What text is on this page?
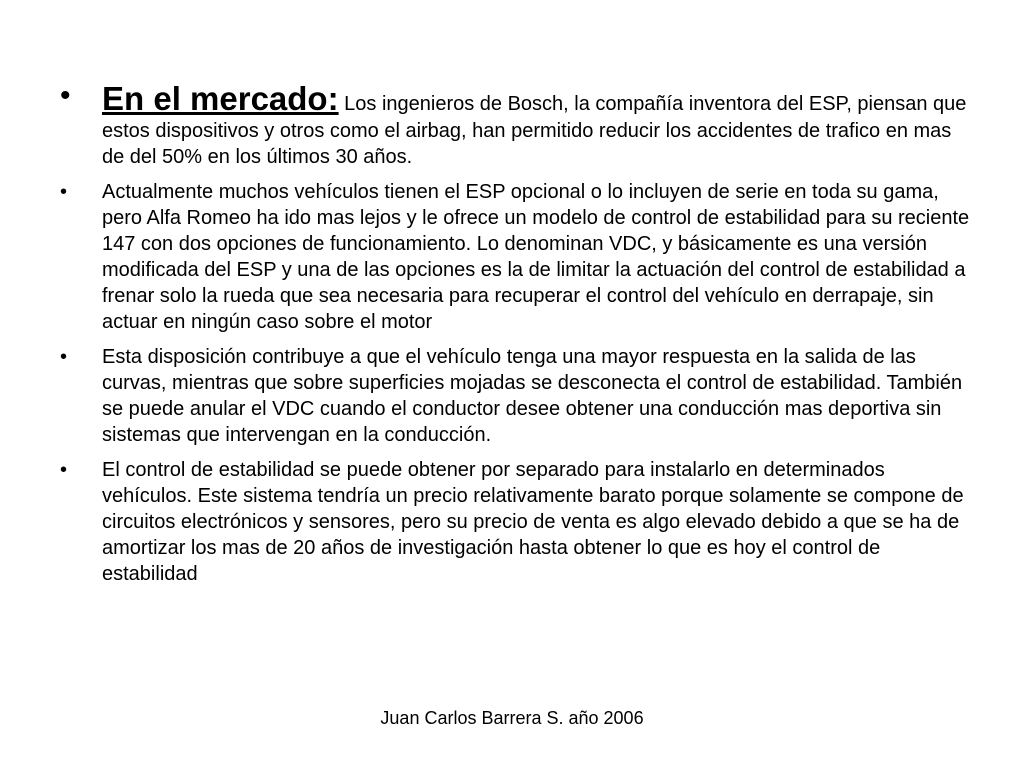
• En el mercado: Los ingenieros de Bosch, la compañía inventora del ESP, piensan que estos dispositivos y otros como el airbag, han permitido reducir los accidentes de trafico en mas de del 50% en los últimos 30 años.
•	Actualmente muchos vehículos tienen el ESP opcional o lo incluyen de serie en toda su gama, pero Alfa Romeo ha ido mas lejos y le ofrece un modelo de control de estabilidad para su reciente 147 con dos opciones de funcionamiento. Lo denominan VDC, y básicamente es una versión modificada del ESP y una de las opciones es la de limitar la actuación del control de estabilidad a frenar solo la rueda que sea necesaria para recuperar el control del vehículo en derrapaje, sin actuar en ningún caso sobre el motor
•	Esta disposición contribuye a que el vehículo tenga una mayor respuesta en la salida de las curvas, mientras que sobre superficies mojadas se desconecta el control de estabilidad. También se puede anular el VDC cuando el conductor desee obtener una conducción mas deportiva sin sistemas que intervengan en la conducción.
•	El control de estabilidad se puede obtener por separado para instalarlo en determinados vehículos. Este sistema tendría un precio relativamente barato porque solamente se compone de circuitos electrónicos y sensores, pero su precio de venta es algo elevado debido a que se ha de amortizar los mas de 20 años de investigación hasta obtener lo que es hoy el control de estabilidad
Juan Carlos Barrera S. año 2006
